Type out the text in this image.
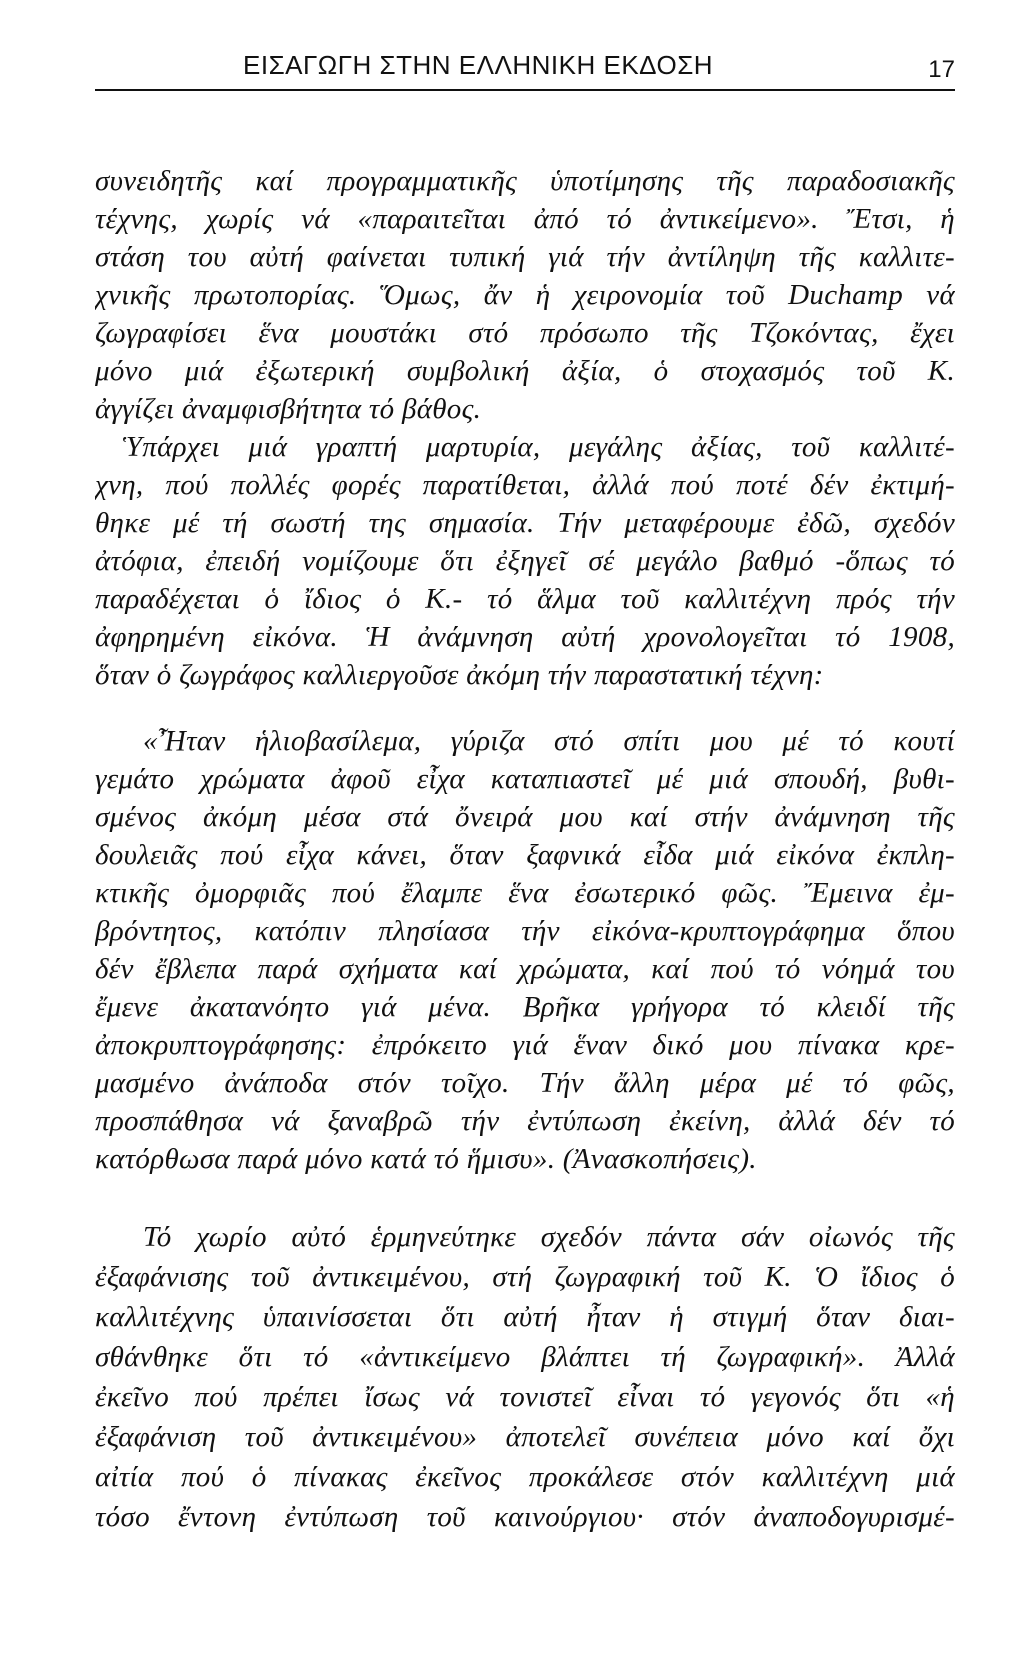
ΕΙΣΑΓΩΓΗ ΣΤΗΝ ΕΛΛΗΝΙΚΗ ΕΚΔΟΣΗ	17
συνειδητῆς καί προγραμματικῆς ὑποτίμησης τῆς παραδοσιακῆς
τέχνης, χωρίς νά «παραιτεῖται ἀπό τό ἀντικείμενο». Ἔτσι, ἡ
στάση του αὐτή φαίνεται τυπική γιά τήν ἀντίληψη τῆς καλλιτε-
χνικῆς πρωτοπορίας. Ὅμως, ἄν ἡ χειρονομία τοῦ Duchamp νά
ζωγραφίσει ἕνα μουστάκι στό πρόσωπο τῆς Τζοκόντας, ἔχει
μόνο μιά ἐξωτερική συμβολική ἀξία, ὁ στοχασμός τοῦ Κ.
ἀγγίζει ἀναμφισβήτητα τό βάθος.
Ὑπάρχει μιά γραπτή μαρτυρία, μεγάλης ἀξίας, τοῦ καλλιτέ-
χνη, πού πολλές φορές παρατίθεται, ἀλλά πού ποτέ δέν ἐκτιμή-
θηκε μέ τή σωστή της σημασία. Τήν μεταφέρουμε ἐδῶ, σχεδόν
ἀτόφια, ἐπειδή νομίζουμε ὅτι ἐξηγεῖ σέ μεγάλο βαθμό -ὅπως τό
παραδέχεται ὁ ἴδιος ὁ Κ.- τό ἅλμα τοῦ καλλιτέχνη πρός τήν
ἀφηρημένη εἰκόνα. Ἡ ἀνάμνηση αὐτή χρονολογεῖται τό 1908,
ὅταν ὁ ζωγράφος καλλιεργοῦσε ἀκόμη τήν παραστατική τέχνη:
«Ἦταν ἡλιοβασίλεμα, γύριζα στό σπίτι μου μέ τό κουτί
γεμάτο χρώματα ἀφοῦ εἶχα καταπιαστεῖ μέ μιά σπουδή, βυθι-
σμένος ἀκόμη μέσα στά ὄνειρά μου καί στήν ἀνάμνηση τῆς
δουλειᾶς πού εἶχα κάνει, ὅταν ξαφνικά εἶδα μιά εἰκόνα ἐκπλη-
κτικῆς ὀμορφιᾶς πού ἔλαμπε ἕνα ἐσωτερικό φῶς. Ἔμεινα ἐμ-
βρόντητος, κατόπιν πλησίασα τήν εἰκόνα-κρυπτογράφημα ὅπου
δέν ἔβλεπα παρά σχήματα καί χρώματα, καί πού τό νόημά του
ἔμενε ἀκατανόητο γιά μένα. Βρῆκα γρήγορα τό κλειδί τῆς
ἀποκρυπτογράφησης: ἐπρόκειτο γιά ἕναν δικό μου πίνακα κρε-
μασμένο ἀνάποδα στόν τοῖχο. Τήν ἄλλη μέρα μέ τό φῶς,
προσπάθησα νά ξαναβρῶ τήν ἐντύπωση ἐκείνη, ἀλλά δέν τό
κατόρθωσα παρά μόνο κατά τό ἥμισυ». (Ἀνασκοπήσεις).
Τό χωρίο αὐτό ἑρμηνεύτηκε σχεδόν πάντα σάν οἰωνός τῆς
ἐξαφάνισης τοῦ ἀντικειμένου, στή ζωγραφική τοῦ Κ. Ὁ ἴδιος ὁ
καλλιτέχνης ὑπαινίσσεται ὅτι αὐτή ἦταν ἡ στιγμή ὅταν διαι-
σθάνθηκε ὅτι τό «ἀντικείμενο βλάπτει τή ζωγραφική». Ἀλλά
ἐκεῖνο πού πρέπει ἴσως νά τονιστεῖ εἶναι τό γεγονός ὅτι «ἡ
ἐξαφάνιση τοῦ ἀντικειμένου» ἀποτελεῖ συνέπεια μόνο καί ὄχι
αἰτία πού ὁ πίνακας ἐκεῖνος προκάλεσε στόν καλλιτέχνη μιά
τόσο ἔντονη ἐντύπωση τοῦ καινούργιου· στόν ἀναποδογυρισμέ-
